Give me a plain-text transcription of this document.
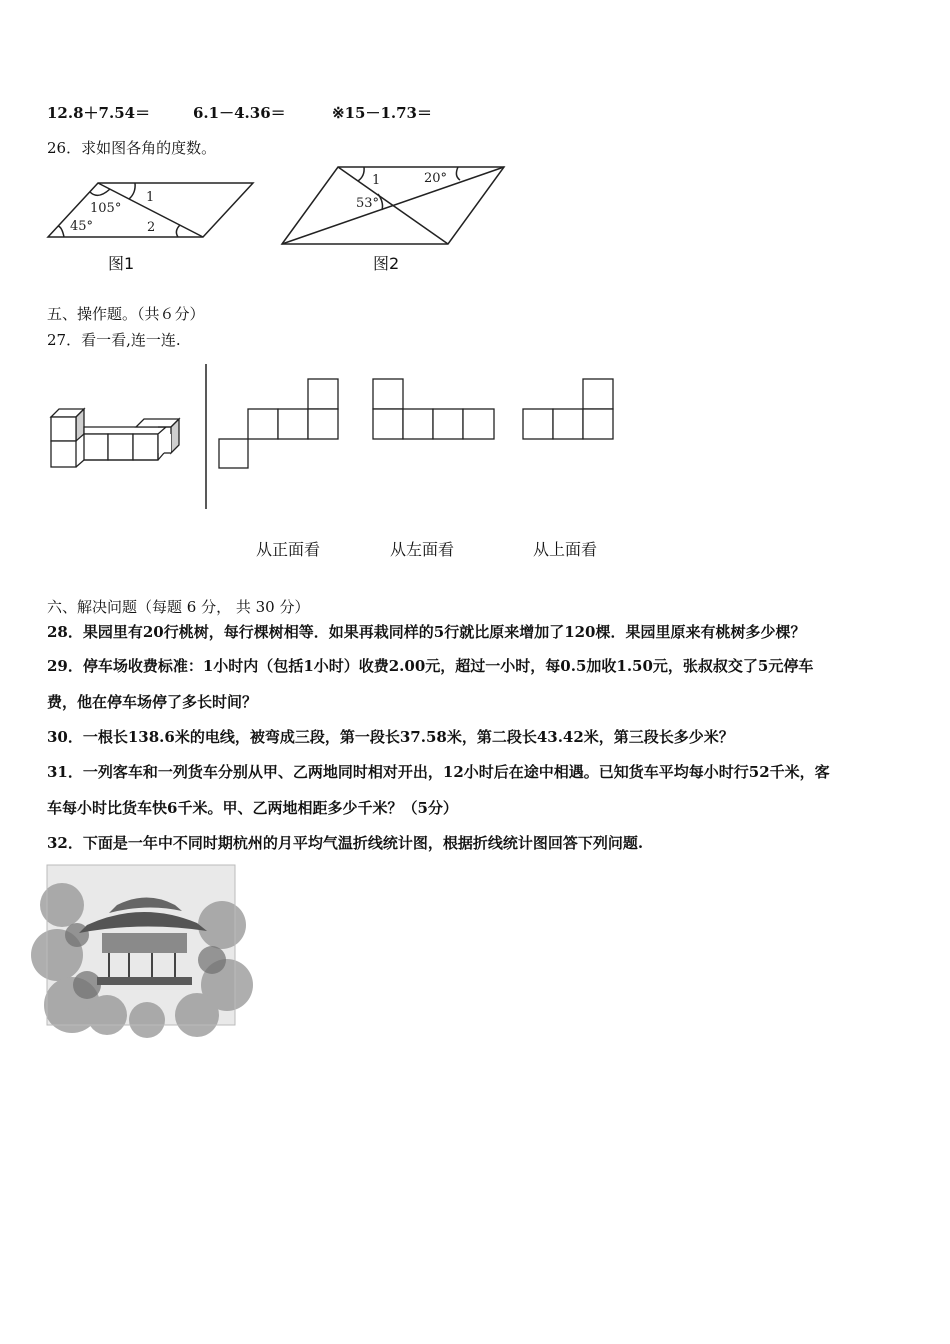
12.8＋7.54＝	6.1－4.36＝	※15－1.73＝
26．求如图各角的度数。
105°
45°
1
2
图1
1	20°
53°
图2
五、操作题。（共６分）
27．看一看,连一连.
从正面看	从左面看	从上面看
六、解决问题（每题 6 分， 共 30 分）
28．果园里有20行桃树，每行棵树相等．如果再栽同样的5行就比原来增加了120棵．果园里原来有桃树多少棵？
29．停车场收费标准：1小时内（包括1小时）收费2.00元，超过一小时，每0.5加收1.50元，张叔叔交了5元停车
费，他在停车场停了多长时间？
30．一根长138.6米的电线，被弯成三段，第一段长37.58米，第二段长43.42米，第三段长多少米？
31．一列客车和一列货车分别从甲、乙两地同时相对开出，12小时后在途中相遇。已知货车平均每小时行52千米，客
车每小时比货车快6千米。甲、乙两地相距多少千米？（5分）
32．下面是一年中不同时期杭州的月平均气温折线统计图，根据折线统计图回答下列问题.
